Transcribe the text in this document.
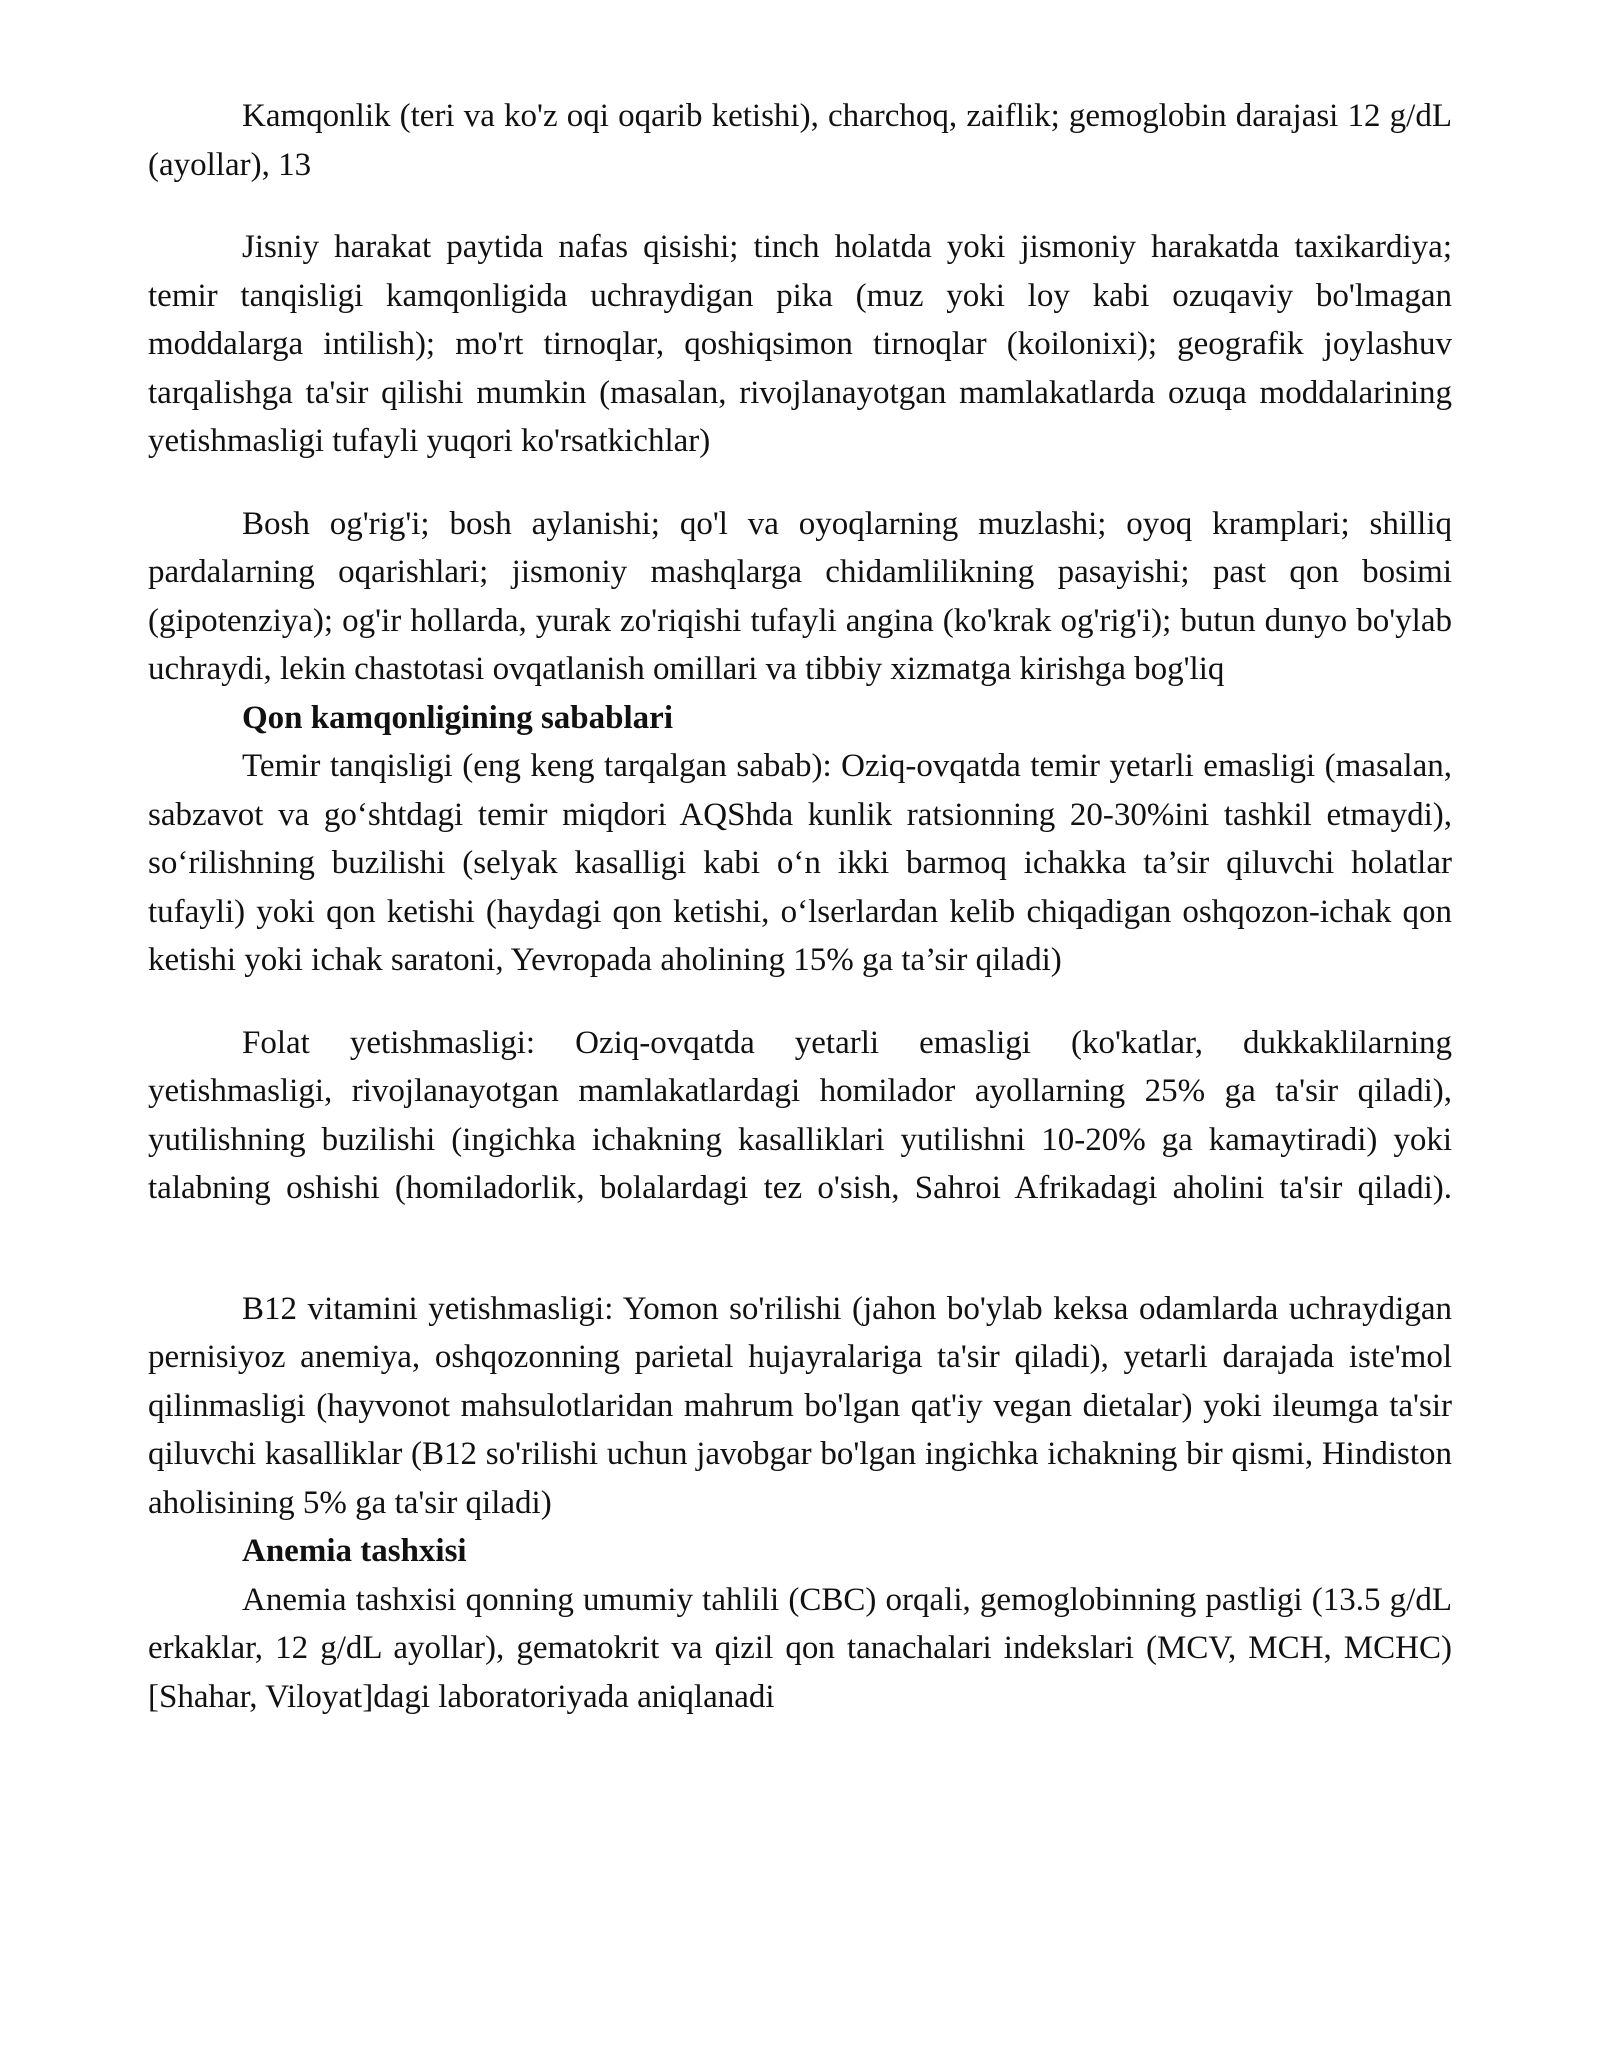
Kamqonlik (teri va ko'z oqi oqarib ketishi), charchoq, zaiflik; gemoglobin darajasi 12 g/dL (ayollar), 13

Jisniy harakat paytida nafas qisishi; tinch holatda yoki jismoniy harakatda taxikardiya; temir tanqisligi kamqonligida uchraydigan pika (muz yoki loy kabi ozuqaviy bo'lmagan moddalarga intilish); mo'rt tirnoqlar, qoshiqsimon tirnoqlar (koilonixi); geografik joylashuv tarqalishga ta'sir qilishi mumkin (masalan, rivojlanayotgan mamlakatlarda ozuqa moddalarining yetishmasligi tufayli yuqori ko'rsatkichlar)

Bosh og'rig'i; bosh aylanishi; qo'l va oyoqlarning muzlashi; oyoq kramplari; shilliq pardalarning oqarishlari; jismoniy mashqlarga chidamlilikning pasayishi; past qon bosimi (gipotenziya); og'ir hollarda, yurak zo'riqishi tufayli angina (ko'krak og'rig'i); butun dunyo bo'ylab uchraydi, lekin chastotasi ovqatlanish omillari va tibbiy xizmatga kirishga bog'liq

Qon kamqonligining sabablari

Temir tanqisligi (eng keng tarqalgan sabab): Oziq-ovqatda temir yetarli emasligi (masalan, sabzavot va go‘shtdagi temir miqdori AQShda kunlik ratsionning 20-30%ini tashkil etmaydi), so‘rilishning buzilishi (selyak kasalligi kabi o‘n ikki barmoq ichakka ta’sir qiluvchi holatlar tufayli) yoki qon ketishi (haydagi qon ketishi, o‘lserlardan kelib chiqadigan oshqozon-ichak qon ketishi yoki ichak saratoni, Yevropada aholining 15% ga ta’sir qiladi)

Folat yetishmasligi: Oziq-ovqatda yetarli emasligi (ko'katlar, dukkaklilarning yetishmasligi, rivojlanayotgan mamlakatlardagi homilador ayollarning 25% ga ta'sir qiladi), yutilishning buzilishi (ingichka ichakning kasalliklari yutilishni 10-20% ga kamaytiradi) yoki talabning oshishi (homiladorlik, bolalardagi tez o'sish, Sahroi Afrikadagi aholini ta'sir qiladi).

B12 vitamini yetishmasligi: Yomon so'rilishi (jahon bo'ylab keksa odamlarda uchraydigan pernisiyoz anemiya, oshqozonning parietal hujayralariga ta'sir qiladi), yetarli darajada iste'mol qilinmasligi (hayvonot mahsulotlaridan mahrum bo'lgan qat'iy vegan dietalar) yoki ileumga ta'sir qiluvchi kasalliklar (B12 so'rilishi uchun javobgar bo'lgan ingichka ichakning bir qismi, Hindiston aholisining 5% ga ta'sir qiladi)

Anemia tashxisi

Anemia tashxisi qonning umumiy tahlili (CBC) orqali, gemoglobinning pastligi (13.5 g/dL erkaklar, 12 g/dL ayollar), gematokrit va qizil qon tanachalari indekslari (MCV, MCH, MCHC) [Shahar, Viloyat]dagi laboratoriyada aniqlanadi
